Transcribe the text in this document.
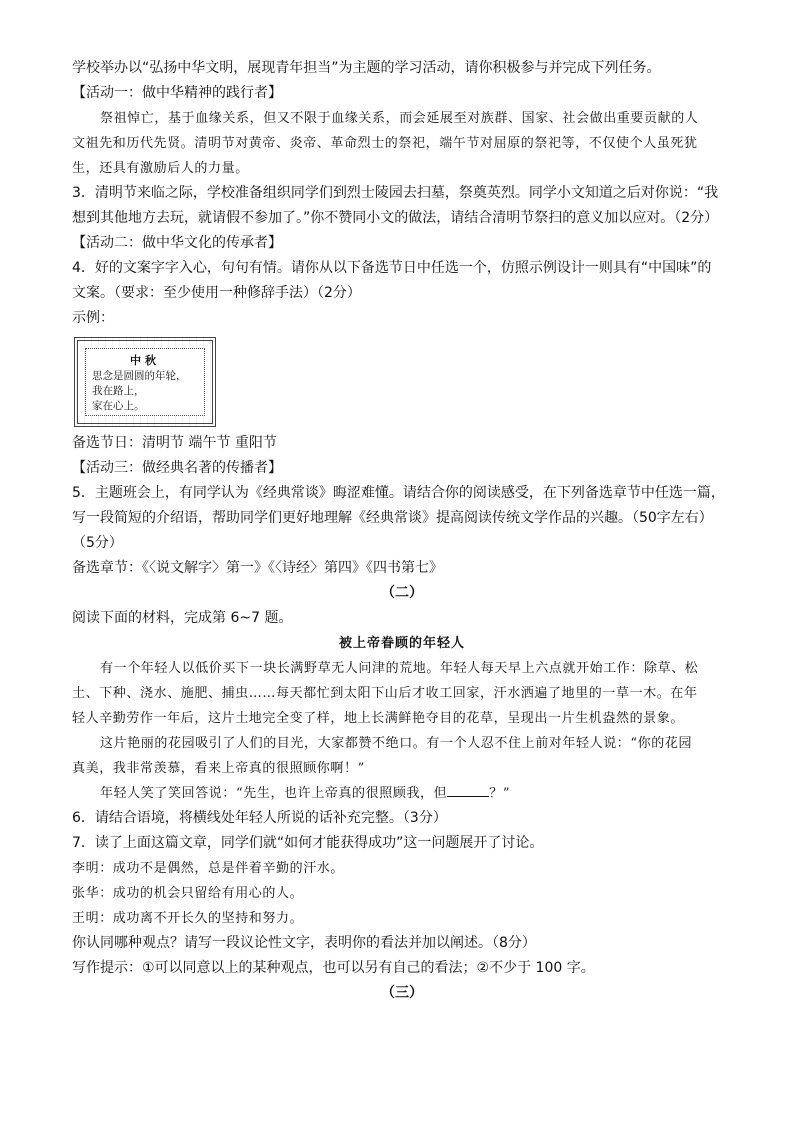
学校举办以“弘扬中华文明，展现青年担当”为主题的学习活动，请你积极参与并完成下列任务。
【活动一：做中华精神的践行者】
祭祖悼亡，基于血缘关系，但又不限于血缘关系，而会延展至对族群、国家、社会做出重要贡献的人
文祖先和历代先贤。清明节对黄帝、炎帝、革命烈士的祭祀，端午节对屈原的祭祀等，不仅使个人虽死犹
生，还具有激励后人的力量。
3．清明节来临之际，学校准备组织同学们到烈士陵园去扫墓，祭奠英烈。同学小文知道之后对你说：“我
想到其他地方去玩，就请假不参加了。”你不赞同小文的做法，请结合清明节祭扫的意义加以应对。（2分）
【活动二：做中华文化的传承者】
4．好的文案字字入心，句句有情。请你从以下备选节日中任选一个，仿照示例设计一则具有“中国味”的
文案。（要求：至少使用一种修辞手法）（2分）
示例：
中秋
思念是圆圆的年轮，
我在路上，
家在心上。
备选节日：清明节 端午节 重阳节
【活动三：做经典名著的传播者】
5．主题班会上，有同学认为《经典常谈》晦涩难懂。请结合你的阅读感受，在下列备选章节中任选一篇，
写一段简短的介绍语，帮助同学们更好地理解《经典常谈》提高阅读传统文学作品的兴趣。（50字左右）
（5分）
备选章节：《〈说文解字〉第一》《〈诗经〉第四》《四书第七》
（二）
阅读下面的材料，完成第 6~7 题。
被上帝眷顾的年轻人
有一个年轻人以低价买下一块长满野草无人问津的荒地。年轻人每天早上六点就开始工作：除草、松
土、下种、浇水、施肥、捕虫……每天都忙到太阳下山后才收工回家，汗水洒遍了地里的一草一木。在年
轻人辛勤劳作一年后，这片土地完全变了样，地上长满鲜艳夺目的花草，呈现出一片生机盎然的景象。
这片艳丽的花园吸引了人们的目光，大家都赞不绝口。有一个人忍不住上前对年轻人说：“你的花园
真美，我非常羡慕，看来上帝真的很照顾你啊！”
年轻人笑了笑回答说：“先生，也许上帝真的很照顾我，但	？”
6．请结合语境，将横线处年轻人所说的话补充完整。（3分）
7．读了上面这篇文章，同学们就“如何才能获得成功”这一问题展开了讨论。
李明：成功不是偶然，总是伴着辛勤的汗水。
张华：成功的机会只留给有用心的人。
王明：成功离不开长久的坚持和努力。
你认同哪种观点？请写一段议论性文字，表明你的看法并加以阐述。（8分）
写作提示：①可以同意以上的某种观点，也可以另有自己的看法；②不少于 100 字。
（三）
